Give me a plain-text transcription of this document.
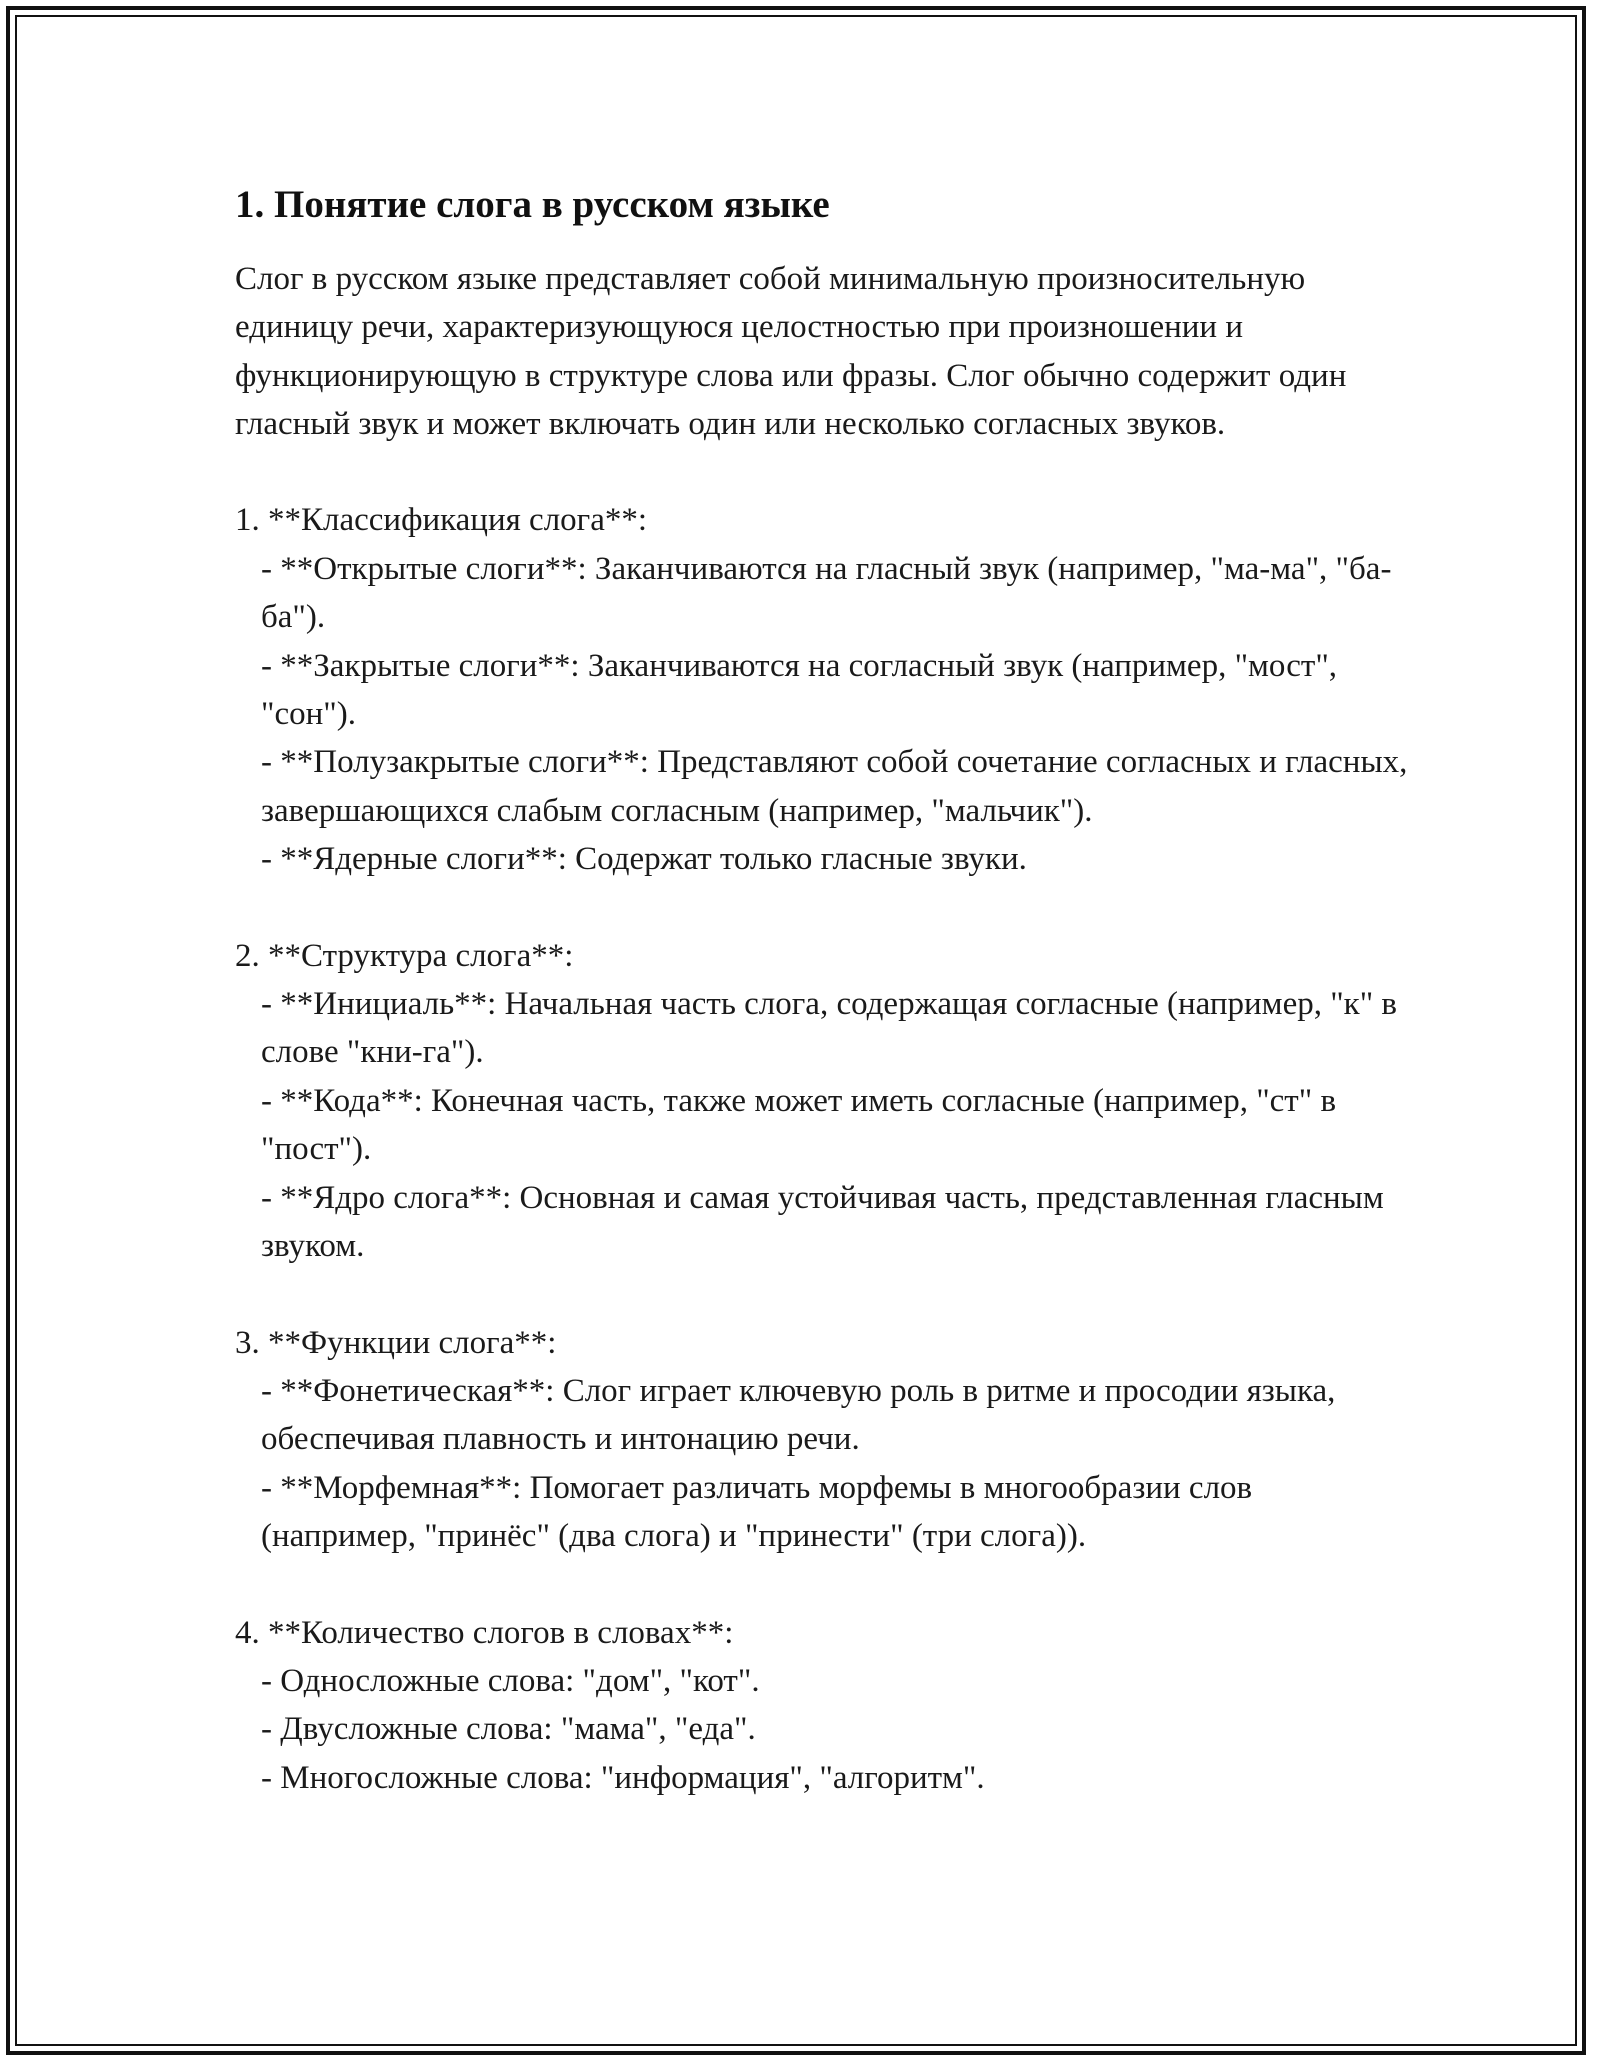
1. Понятие слога в русском языке

Слог в русском языке представляет собой минимальную произносительную единицу речи, характеризующуюся целостностью при произношении и функционирующую в структуре слова или фразы. Слог обычно содержит один гласный звук и может включать один или несколько согласных звуков.

1. **Классификация слога**:

- **Открытые слоги**: Заканчиваются на гласный звук (например, "ма-ма", "ба-ба").

- **Закрытые слоги**: Заканчиваются на согласный звук (например, "мост", "сон").

- **Полузакрытые слоги**: Представляют собой сочетание согласных и гласных, завершающихся слабым согласным (например, "мальчик").

- **Ядерные слоги**: Содержат только гласные звуки.

2. **Структура слога**:

- **Инициаль**: Начальная часть слога, содержащая согласные (например, "к" в слове "кни-га").

- **Кода**: Конечная часть, также может иметь согласные (например, "ст" в "пост").

- **Ядро слога**: Основная и самая устойчивая часть, представленная гласным звуком.

3. **Функции слога**:

- **Фонетическая**: Слог играет ключевую роль в ритме и просодии языка, обеспечивая плавность и интонацию речи.

- **Морфемная**: Помогает различать морфемы в многообразии слов (например, "принёс" (два слога) и "принести" (три слога)).

4. **Количество слогов в словах**:

- Односложные слова: "дом", "кот".

- Двусложные слова: "мама", "еда".

- Многосложные слова: "информация", "алгоритм".
